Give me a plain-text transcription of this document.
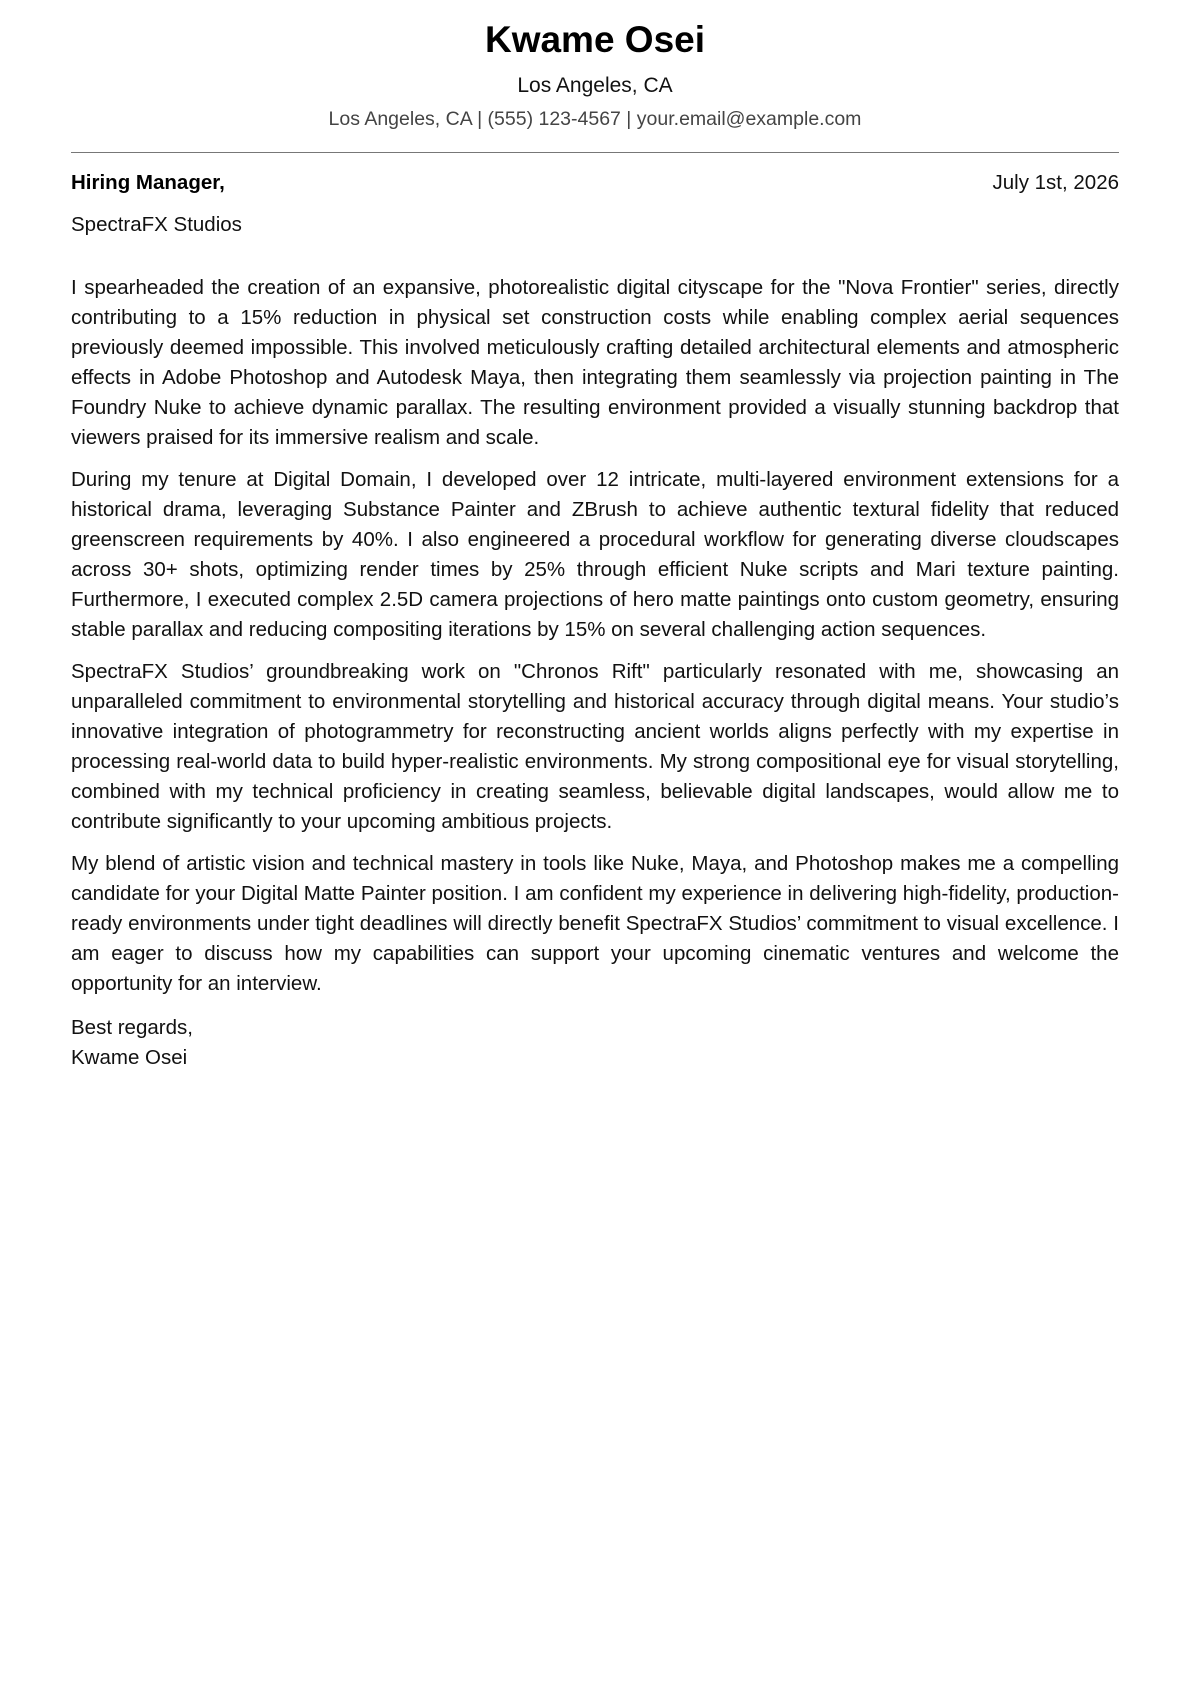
Kwame Osei
Los Angeles, CA
Los Angeles, CA | (555) 123-4567 | your.email@example.com
Hiring Manager,	July 1st, 2026
SpectraFX Studios

I spearheaded the creation of an expansive, photorealistic digital cityscape for the "Nova Frontier" series, directly contributing to a 15% reduction in physical set construction costs while enabling complex aerial sequences previously deemed impossible. This involved meticulously crafting detailed architectural elements and atmospheric effects in Adobe Photoshop and Autodesk Maya, then integrating them seamlessly via projection painting in The Foundry Nuke to achieve dynamic parallax. The resulting environment provided a visually stunning backdrop that viewers praised for its immersive realism and scale.

During my tenure at Digital Domain, I developed over 12 intricate, multi-layered environment extensions for a historical drama, leveraging Substance Painter and ZBrush to achieve authentic textural fidelity that reduced greenscreen requirements by 40%. I also engineered a procedural workflow for generating diverse cloudscapes across 30+ shots, optimizing render times by 25% through efficient Nuke scripts and Mari texture painting. Furthermore, I executed complex 2.5D camera projections of hero matte paintings onto custom geometry, ensuring stable parallax and reducing compositing iterations by 15% on several challenging action sequences.

SpectraFX Studios’ groundbreaking work on "Chronos Rift" particularly resonated with me, showcasing an unparalleled commitment to environmental storytelling and historical accuracy through digital means. Your studio’s innovative integration of photogrammetry for reconstructing ancient worlds aligns perfectly with my expertise in processing real-world data to build hyper-realistic environments. My strong compositional eye for visual storytelling, combined with my technical proficiency in creating seamless, believable digital landscapes, would allow me to contribute significantly to your upcoming ambitious projects.

My blend of artistic vision and technical mastery in tools like Nuke, Maya, and Photoshop makes me a compelling candidate for your Digital Matte Painter position. I am confident my experience in delivering high-fidelity, production-ready environments under tight deadlines will directly benefit SpectraFX Studios’ commitment to visual excellence. I am eager to discuss how my capabilities can support your upcoming cinematic ventures and welcome the opportunity for an interview.

Best regards,
Kwame Osei
